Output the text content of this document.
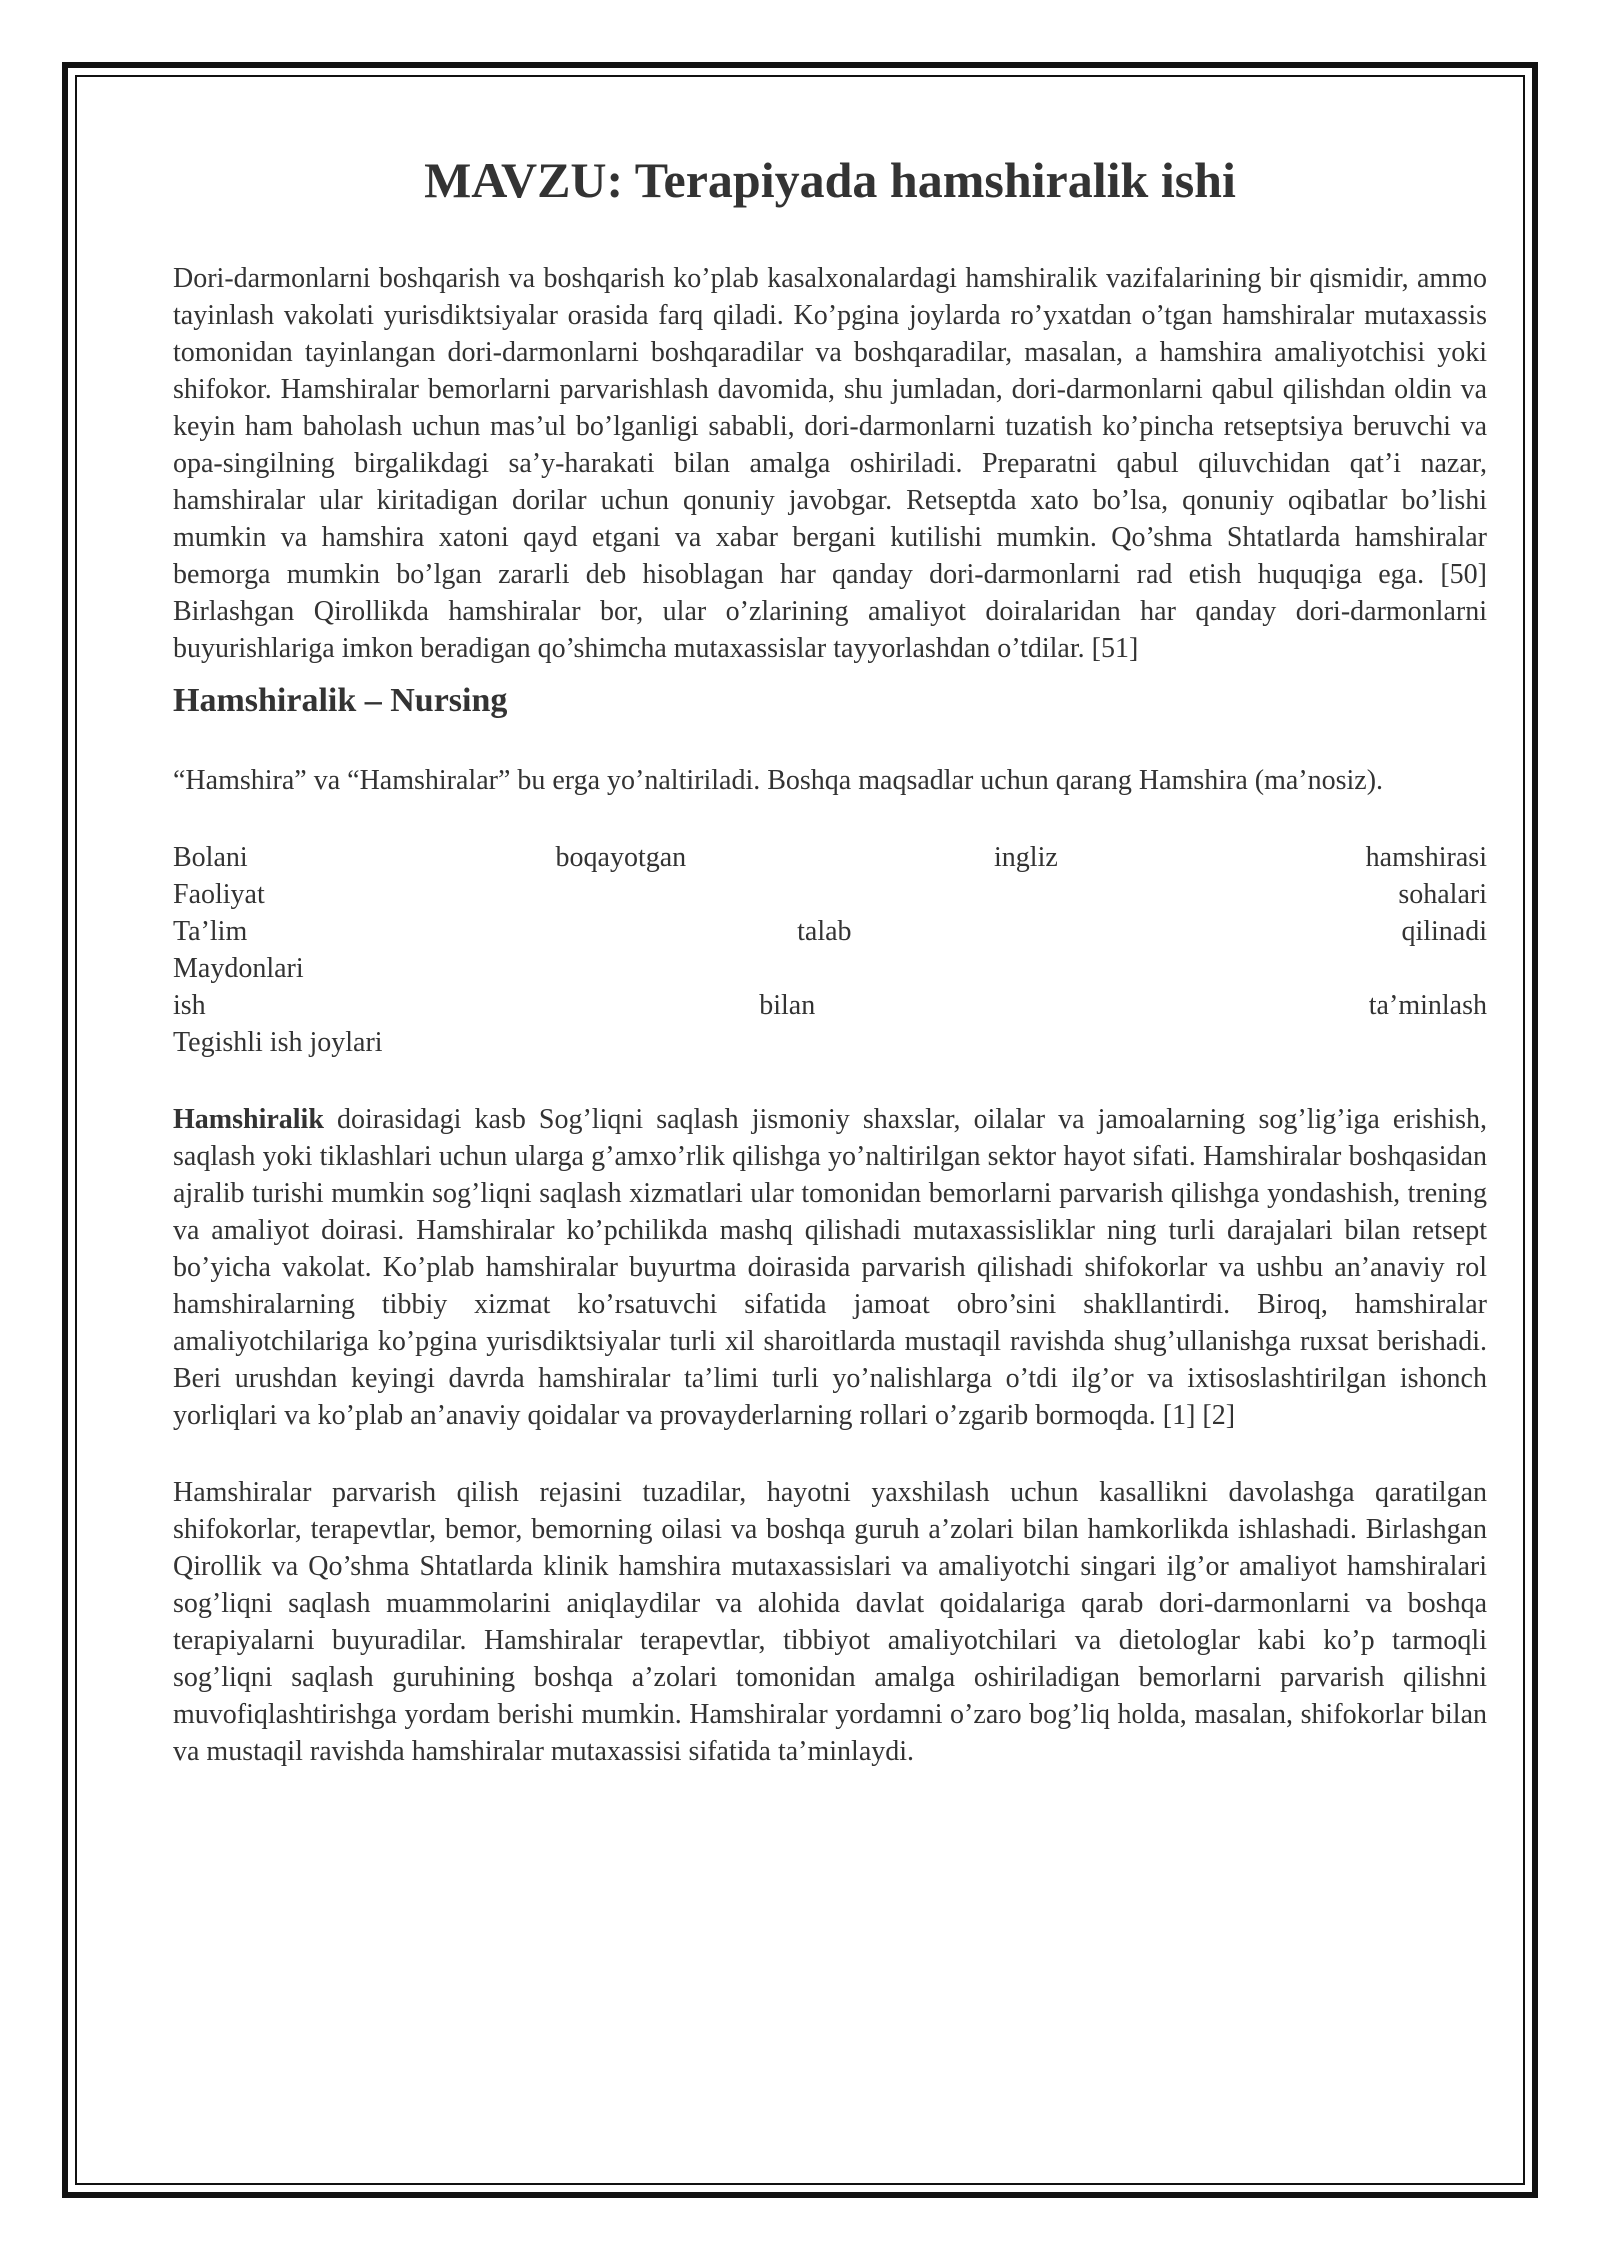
MAVZU: Terapiyada hamshiralik ishi

Dori-darmonlarni boshqarish va boshqarish ko’plab kasalxonalardagi hamshiralik vazifalarining bir qismidir, ammo tayinlash vakolati yurisdiktsiyalar orasida farq qiladi. Ko’pgina joylarda ro’yxatdan o’tgan hamshiralar mutaxassis tomonidan tayinlangan dori-darmonlarni boshqaradilar va boshqaradilar, masalan, a hamshira amaliyotchisi yoki shifokor. Hamshiralar bemorlarni parvarishlash davomida, shu jumladan, dori-darmonlarni qabul qilishdan oldin va keyin ham baholash uchun mas’ul bo’lganligi sababli, dori-darmonlarni tuzatish ko’pincha retseptsiya beruvchi va opa-singilning birgalikdagi sa’y-harakati bilan amalga oshiriladi. Preparatni qabul qiluvchidan qat’i nazar, hamshiralar ular kiritadigan dorilar uchun qonuniy javobgar. Retseptda xato bo’lsa, qonuniy oqibatlar bo’lishi mumkin va hamshira xatoni qayd etgani va xabar bergani kutilishi mumkin. Qo’shma Shtatlarda hamshiralar bemorga mumkin bo’lgan zararli deb hisoblagan har qanday dori-darmonlarni rad etish huquqiga ega. [50] Birlashgan Qirollikda hamshiralar bor, ular o’zlarining amaliyot doiralaridan har qanday dori-darmonlarni buyurishlariga imkon beradigan qo’shimcha mutaxassislar tayyorlashdan o’tdilar. [51]

Hamshiralik – Nursing

“Hamshira” va “Hamshiralar” bu erga yo’naltiriladi. Boshqa maqsadlar uchun qarang Hamshira (ma’nosiz).

Bolani	boqayotgan	ingliz	hamshirasi
Faoliyat	sohalari
Ta’lim	talab	qilinadi
Maydonlari
ish	bilan	ta’minlash
Tegishli ish joylari

Hamshiralik doirasidagi kasb Sog’liqni saqlash jismoniy shaxslar, oilalar va jamoalarning sog’lig’iga erishish, saqlash yoki tiklashlari uchun ularga g’amxo’rlik qilishga yo’naltirilgan sektor hayot sifati. Hamshiralar boshqasidan ajralib turishi mumkin sog’liqni saqlash xizmatlari ular tomonidan bemorlarni parvarish qilishga yondashish, trening va amaliyot doirasi. Hamshiralar ko’pchilikda mashq qilishadi mutaxassisliklar ning turli darajalari bilan retsept bo’yicha vakolat. Ko’plab hamshiralar buyurtma doirasida parvarish qilishadi shifokorlar va ushbu an’anaviy rol hamshiralarning tibbiy xizmat ko’rsatuvchi sifatida jamoat obro’sini shakllantirdi. Biroq, hamshiralar amaliyotchilariga ko’pgina yurisdiktsiyalar turli xil sharoitlarda mustaqil ravishda shug’ullanishga ruxsat berishadi. Beri urushdan keyingi davrda hamshiralar ta’limi turli yo’nalishlarga o’tdi ilg’or va ixtisoslashtirilgan ishonch yorliqlari va ko’plab an’anaviy qoidalar va provayderlarning rollari o’zgarib bormoqda. [1] [2]

Hamshiralar parvarish qilish rejasini tuzadilar, hayotni yaxshilash uchun kasallikni davolashga qaratilgan shifokorlar, terapevtlar, bemor, bemorning oilasi va boshqa guruh a’zolari bilan hamkorlikda ishlashadi. Birlashgan Qirollik va Qo’shma Shtatlarda klinik hamshira mutaxassislari va amaliyotchi singari ilg’or amaliyot hamshiralari sog’liqni saqlash muammolarini aniqlaydilar va alohida davlat qoidalariga qarab dori-darmonlarni va boshqa terapiyalarni buyuradilar. Hamshiralar terapevtlar, tibbiyot amaliyotchilari va dietologlar kabi ko’p tarmoqli sog’liqni saqlash guruhining boshqa a’zolari tomonidan amalga oshiriladigan bemorlarni parvarish qilishni muvofiqlashtirishga yordam berishi mumkin. Hamshiralar yordamni o’zaro bog’liq holda, masalan, shifokorlar bilan va mustaqil ravishda hamshiralar mutaxassisi sifatida ta’minlaydi.
